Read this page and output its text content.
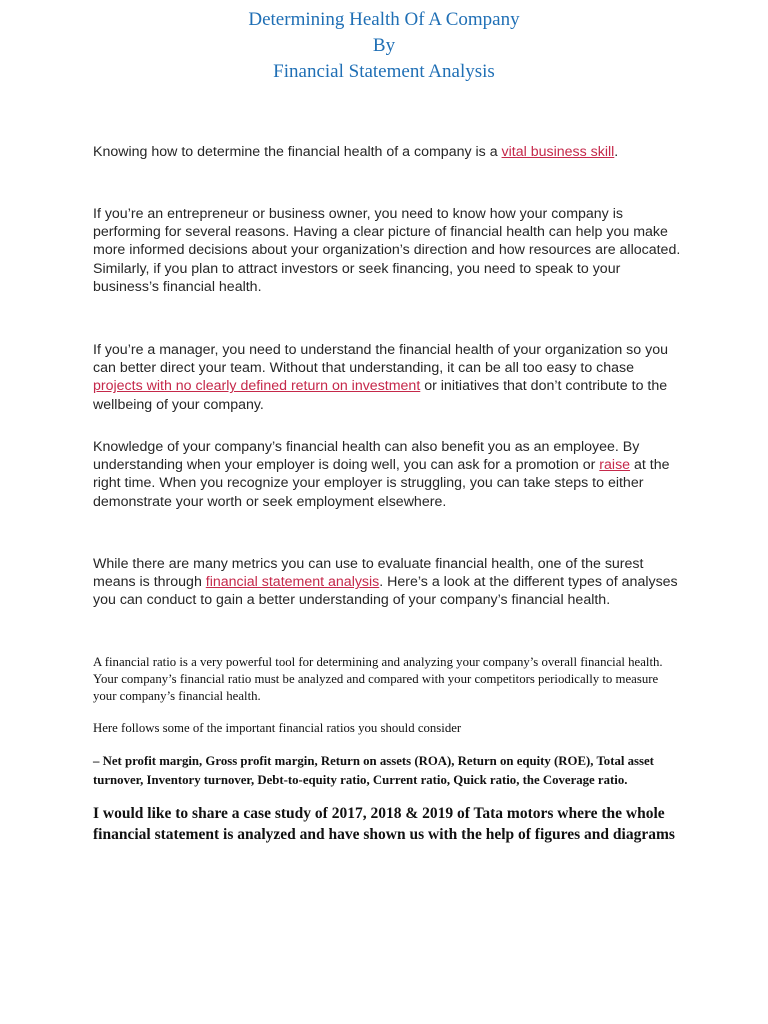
Determining Health Of A Company
By
Financial Statement Analysis

Knowing how to determine the financial health of a company is a vital business skill.

If you’re an entrepreneur or business owner, you need to know how your company is performing for several reasons. Having a clear picture of financial health can help you make more informed decisions about your organization’s direction and how resources are allocated. Similarly, if you plan to attract investors or seek financing, you need to speak to your business’s financial health.

If you’re a manager, you need to understand the financial health of your organization so you can better direct your team. Without that understanding, it can be all too easy to chase projects with no clearly defined return on investment or initiatives that don’t contribute to the wellbeing of your company.

Knowledge of your company’s financial health can also benefit you as an employee. By understanding when your employer is doing well, you can ask for a promotion or raise at the right time. When you recognize your employer is struggling, you can take steps to either demonstrate your worth or seek employment elsewhere.

While there are many metrics you can use to evaluate financial health, one of the surest means is through financial statement analysis. Here’s a look at the different types of analyses you can conduct to gain a better understanding of your company’s financial health.

A financial ratio is a very powerful tool for determining and analyzing your company’s overall financial health. Your company’s financial ratio must be analyzed and compared with your competitors periodically to measure your company’s financial health.

Here follows some of the important financial ratios you should consider

– Net profit margin, Gross profit margin, Return on assets (ROA), Return on equity (ROE), Total asset turnover, Inventory turnover, Debt-to-equity ratio, Current ratio, Quick ratio, the Coverage ratio.

I would like to share a case study of 2017, 2018 & 2019 of Tata motors where the whole financial statement is analyzed and have shown us with the help of figures and diagrams
